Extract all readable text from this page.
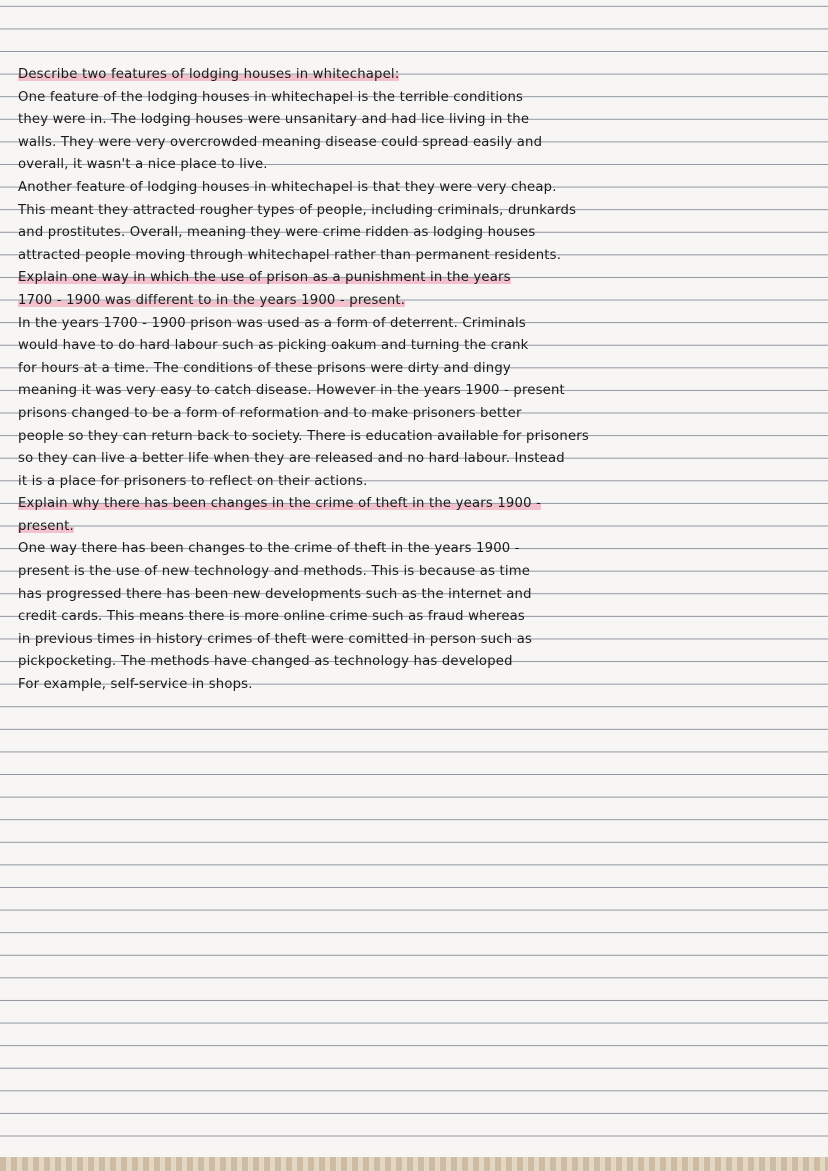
Describe two features of lodging houses in whitechapel:
One feature of the lodging houses in whitechapel is the terrible conditions
they were in. The lodging houses were unsanitary and had lice living in the
walls. They were very overcrowded meaning disease could spread easily and
overall, it wasn't a nice place to live.
Another feature of lodging houses in whitechapel is that they were very cheap.
This meant they attracted rougher types of people, including criminals, drunkards
and prostitutes. Overall, meaning they were crime ridden as lodging houses
attracted people moving through whitechapel rather than permanent residents.
Explain one way in which the use of prison as a punishment in the years
1700 - 1900 was different to in the years 1900 - present.
In the years 1700 - 1900 prison was used as a form of deterrent. Criminals
would have to do hard labour such as picking oakum and turning the crank
for hours at a time. The conditions of these prisons were dirty and dingy
meaning it was very easy to catch disease. However in the years 1900 - present
prisons changed to be a form of reformation and to make prisoners better
people so they can return back to society. There is education available for prisoners
so they can live a better life when they are released and no hard labour. Instead
it is a place for prisoners to reflect on their actions.
Explain why there has been changes in the crime of theft in the years 1900 -
present.
One way there has been changes to the crime of theft in the years 1900 -
present is the use of new technology and methods. This is because as time
has progressed there has been new developments such as the internet and
credit cards. This means there is more online crime such as fraud whereas
in previous times in history crimes of theft were comitted in person such as
pickpocketing. The methods have changed as technology has developed
For example, self-service in shops.
